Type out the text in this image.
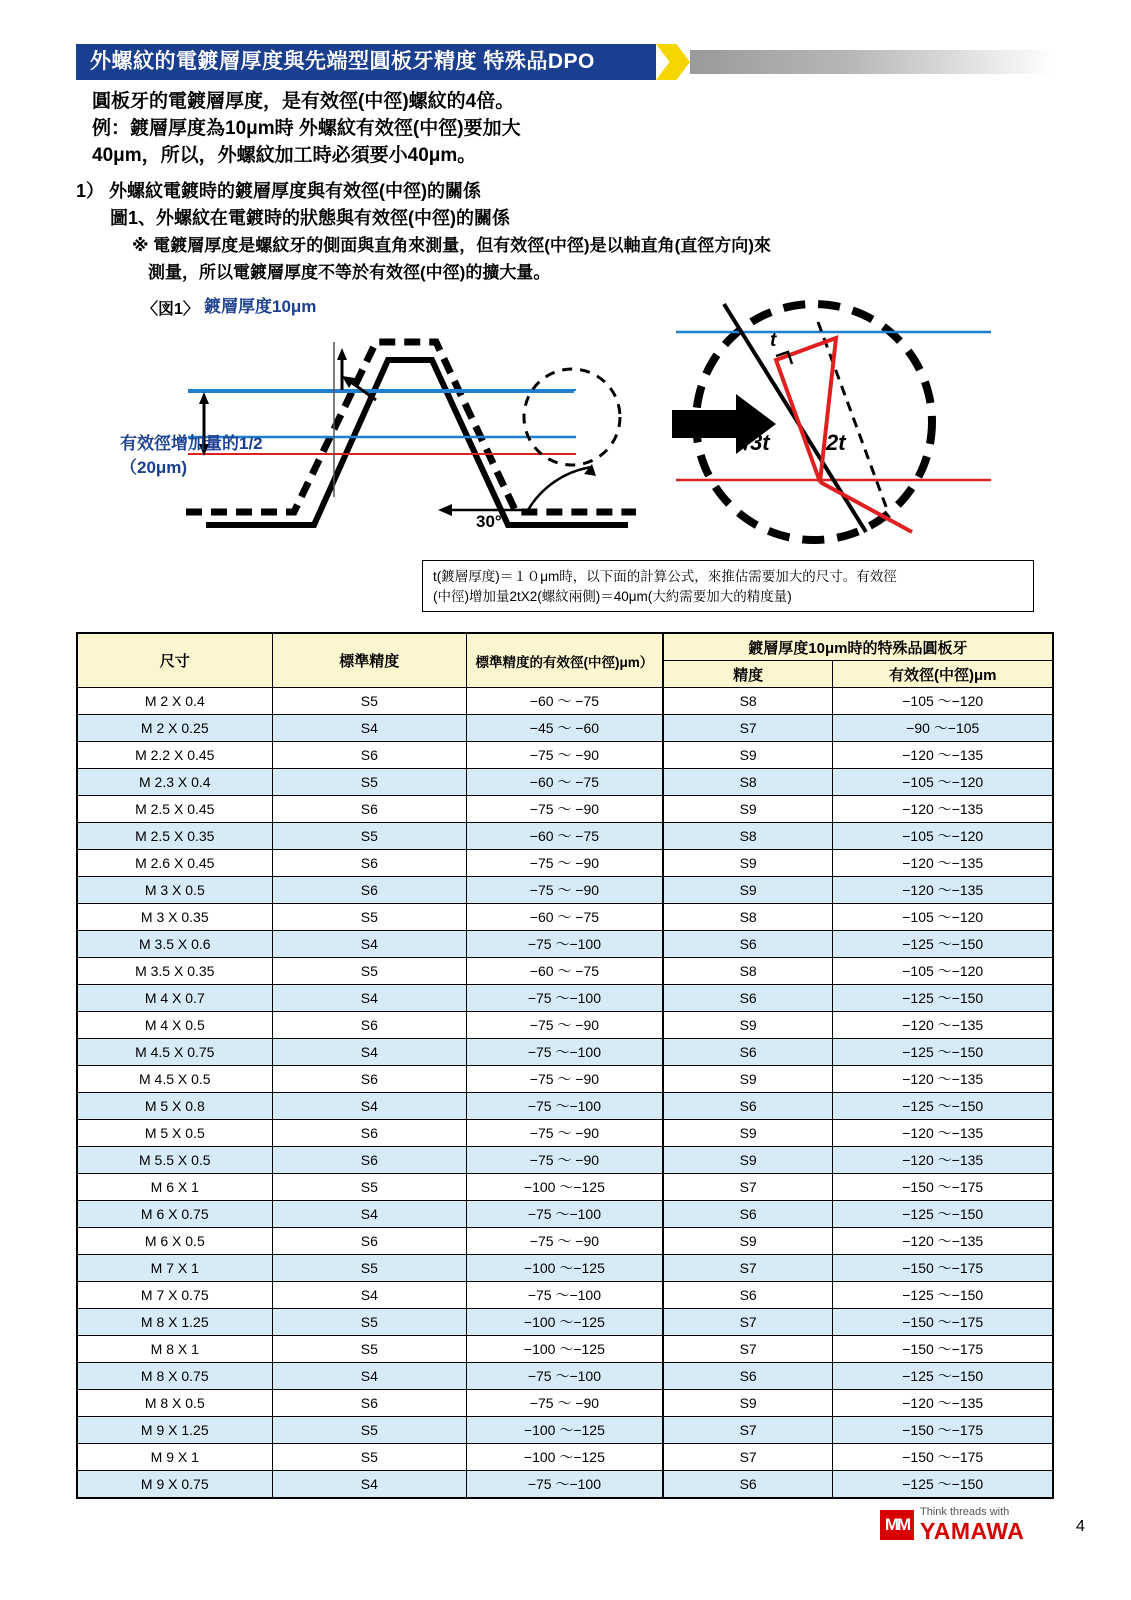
外螺紋的電鍍層厚度與先端型圓板牙精度 特殊品DPO
圓板牙的電鍍層厚度，是有效徑(中徑)螺紋的4倍。
例：鍍層厚度為10μm時 外螺紋有效徑(中徑)要加大
40μm，所以，外螺紋加工時必須要小40μm。
1） 外螺紋電鍍時的鍍層厚度與有效徑(中徑)的關係
圖1、外螺紋在電鍍時的狀態與有效徑(中徑)的關係
※ 電鍍層厚度是螺紋牙的側面與直角來測量，但有效徑(中徑)是以軸直角(直徑方向)來
測量，所以電鍍層厚度不等於有效徑(中徑)的擴大量。
〈図1〉 鍍層厚度10μm
有效徑增加量的1/2
（20μm)
30°
t
√3t	2t
t(鍍層厚度)＝１０μm時，以下面的計算公式，來推估需要加大的尺寸。有效徑
(中徑)增加量2tX2(螺紋兩側)＝40μm(大約需要加大的精度量)
尺寸	標準精度	標準精度的有效徑(中徑)μm）	鍍層厚度10μm時的特殊品圓板牙	
			精度	有效徑(中徑)μm
M 2 X 0.4	S5	−60 ～ −75	S8	−105 ～−120
M 2 X 0.25	S4	−45 ～ −60	S7	−90 ～−105
M 2.2 X 0.45	S6	−75 ～ −90	S9	−120 ～−135
M 2.3 X 0.4	S5	−60 ～ −75	S8	−105 ～−120
M 2.5 X 0.45	S6	−75 ～ −90	S9	−120 ～−135
M 2.5 X 0.35	S5	−60 ～ −75	S8	−105 ～−120
M 2.6 X 0.45	S6	−75 ～ −90	S9	−120 ～−135
M 3 X 0.5	S6	−75 ～ −90	S9	−120 ～−135
M 3 X 0.35	S5	−60 ～ −75	S8	−105 ～−120
M 3.5 X 0.6	S4	−75 ～−100	S6	−125 ～−150
M 3.5 X 0.35	S5	−60 ～ −75	S8	−105 ～−120
M 4 X 0.7	S4	−75 ～−100	S6	−125 ～−150
M 4 X 0.5	S6	−75 ～ −90	S9	−120 ～−135
M 4.5 X 0.75	S4	−75 ～−100	S6	−125 ～−150
M 4.5 X 0.5	S6	−75 ～ −90	S9	−120 ～−135
M 5 X 0.8	S4	−75 ～−100	S6	−125 ～−150
M 5 X 0.5	S6	−75 ～ −90	S9	−120 ～−135
M 5.5 X 0.5	S6	−75 ～ −90	S9	−120 ～−135
M 6 X 1	S5	−100 ～−125	S7	−150 ～−175
M 6 X 0.75	S4	−75 ～−100	S6	−125 ～−150
M 6 X 0.5	S6	−75 ～ −90	S9	−120 ～−135
M 7 X 1	S5	−100 ～−125	S7	−150 ～−175
M 7 X 0.75	S4	−75 ～−100	S6	−125 ～−150
M 8 X 1.25	S5	−100 ～−125	S7	−150 ～−175
M 8 X 1	S5	−100 ～−125	S7	−150 ～−175
M 8 X 0.75	S4	−75 ～−100	S6	−125 ～−150
M 8 X 0.5	S6	−75 ～ −90	S9	−120 ～−135
M 9 X 1.25	S5	−100 ～−125	S7	−150 ～−175
M 9 X 1	S5	−100 ～−125	S7	−150 ～−175
M 9 X 0.75	S4	−75 ～−100	S6	−125 ～−150
MM
Think threads with
YAMAWA	4
